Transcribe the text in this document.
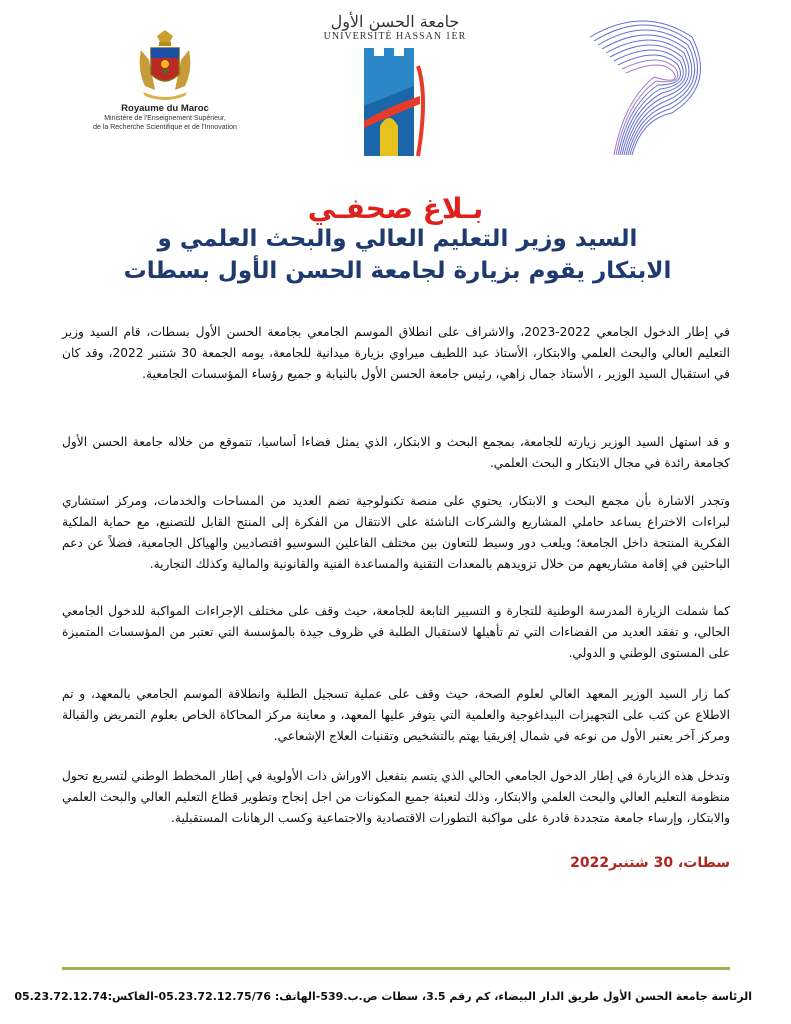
Royaume du Maroc
Ministère de l'Enseignement Supérieur,
de la Recherche Scientifique et de l'Innovation
جامعة الحسن الأول
UNIVERSITÉ HASSAN 1ER
بـلاغ صحفـي
السيد وزير التعليم العالي والبحث العلمي و
الابتكار يقوم بزيارة لجامعة الحسن الأول بسطات

في إطار الدخول الجامعي 2022-2023، والاشراف على انطلاق الموسم الجامعي بجامعة الحسن الأول بسطات، قام السيد وزير التعليم العالي والبحث العلمي والابتكار، الأستاذ عبد اللطيف ميراوي بزيارة ميدانية للجامعة، يومه الجمعة 30 شتنبر 2022، وقد كان في استقبال السيد الوزير ، الأستاذ جمال زاهي، رئيس جامعة الحسن الأول بالنيابة و جميع رؤساء المؤسسات الجامعية.

و قد استهل السيد الوزير زيارته للجامعة، بمجمع البحث و الابتكار، الذي يمثل فضاءا أساسيا، تتموقع من خلاله جامعة الحسن الأول كجامعة رائدة في مجال الابتكار و البحث العلمي.

وتجدر الاشارة بأن مجمع البحث و الابتكار، يحتوي على منصة تكنولوجية تضم العديد من المساحات والخدمات، ومركز استشاري لبراءات الاختراع يساعد حاملي المشاريع والشركات الناشئة على الانتقال من الفكرة إلى المنتج القابل للتصنيع، مع حماية الملكية الفكرية المنتجة داخل الجامعة؛ ويلعب دور وسيط للتعاون بين مختلف الفاعلين السوسيو اقتصاديين والهياكل الجامعية، فضلاً عن دعم الباحثين في إقامة مشاريعهم من خلال تزويدهم بالمعدات التقنية والمساعدة الفنية والقانونية والمالية وكذلك التجارية.

كما شملت الزيارة المدرسة الوطنية للتجارة و التسيير التابعة للجامعة، حيث وقف على مختلف الإجراءات المواكبة للدخول الجامعي الحالي، و تفقد العديد من الفضاءات التي تم تأهيلها لاستقبال الطلبة في ظروف جيدة بالمؤسسة التي تعتبر من المؤسسات المتميزة على المستوى الوطني و الدولي.

كما زار السيد الوزير المعهد العالي لعلوم الصحة، حيث وقف على عملية تسجيل الطلبة وانطلاقة الموسم الجامعي بالمعهد، و تم الاطلاع عن كثب على التجهيزات البيداغوجية والعلمية التي يتوفر عليها المعهد، و معاينة مركز المحاكاة الخاص بعلوم التمريض والقبالة ومركز آخر يعتبر الأول من نوعه في شمال إفريقيا يهتم بالتشخيص وتقنيات العلاج الإشعاعي.

وتدخل هذه الزيارة في إطار الدخول الجامعي الحالي الذي يتسم بتفعيل الاوراش ذات الأولوية في إطار المخطط الوطني لتسريع تحول منظومة التعليم العالي والبحث العلمي والابتكار، وذلك لتعبئة جميع المكونات من اجل إنجاح وتطوير قطاع التعليم العالي والبحث العلمي والابتكار، وإرساء جامعة متجددة قادرة على مواكبة التطورات الاقتصادية والاجتماعية وكسب الرهانات المستقبلية.

سطات، 30 شتنبر2022
الرئاسة جامعة الحسن الأول طريق الدار البيضاء، كم رقم 3.5، سطات ص.ب.539-الهاتف: 05.23.72.12.75/76-الفاكس:05.23.72.12.74
